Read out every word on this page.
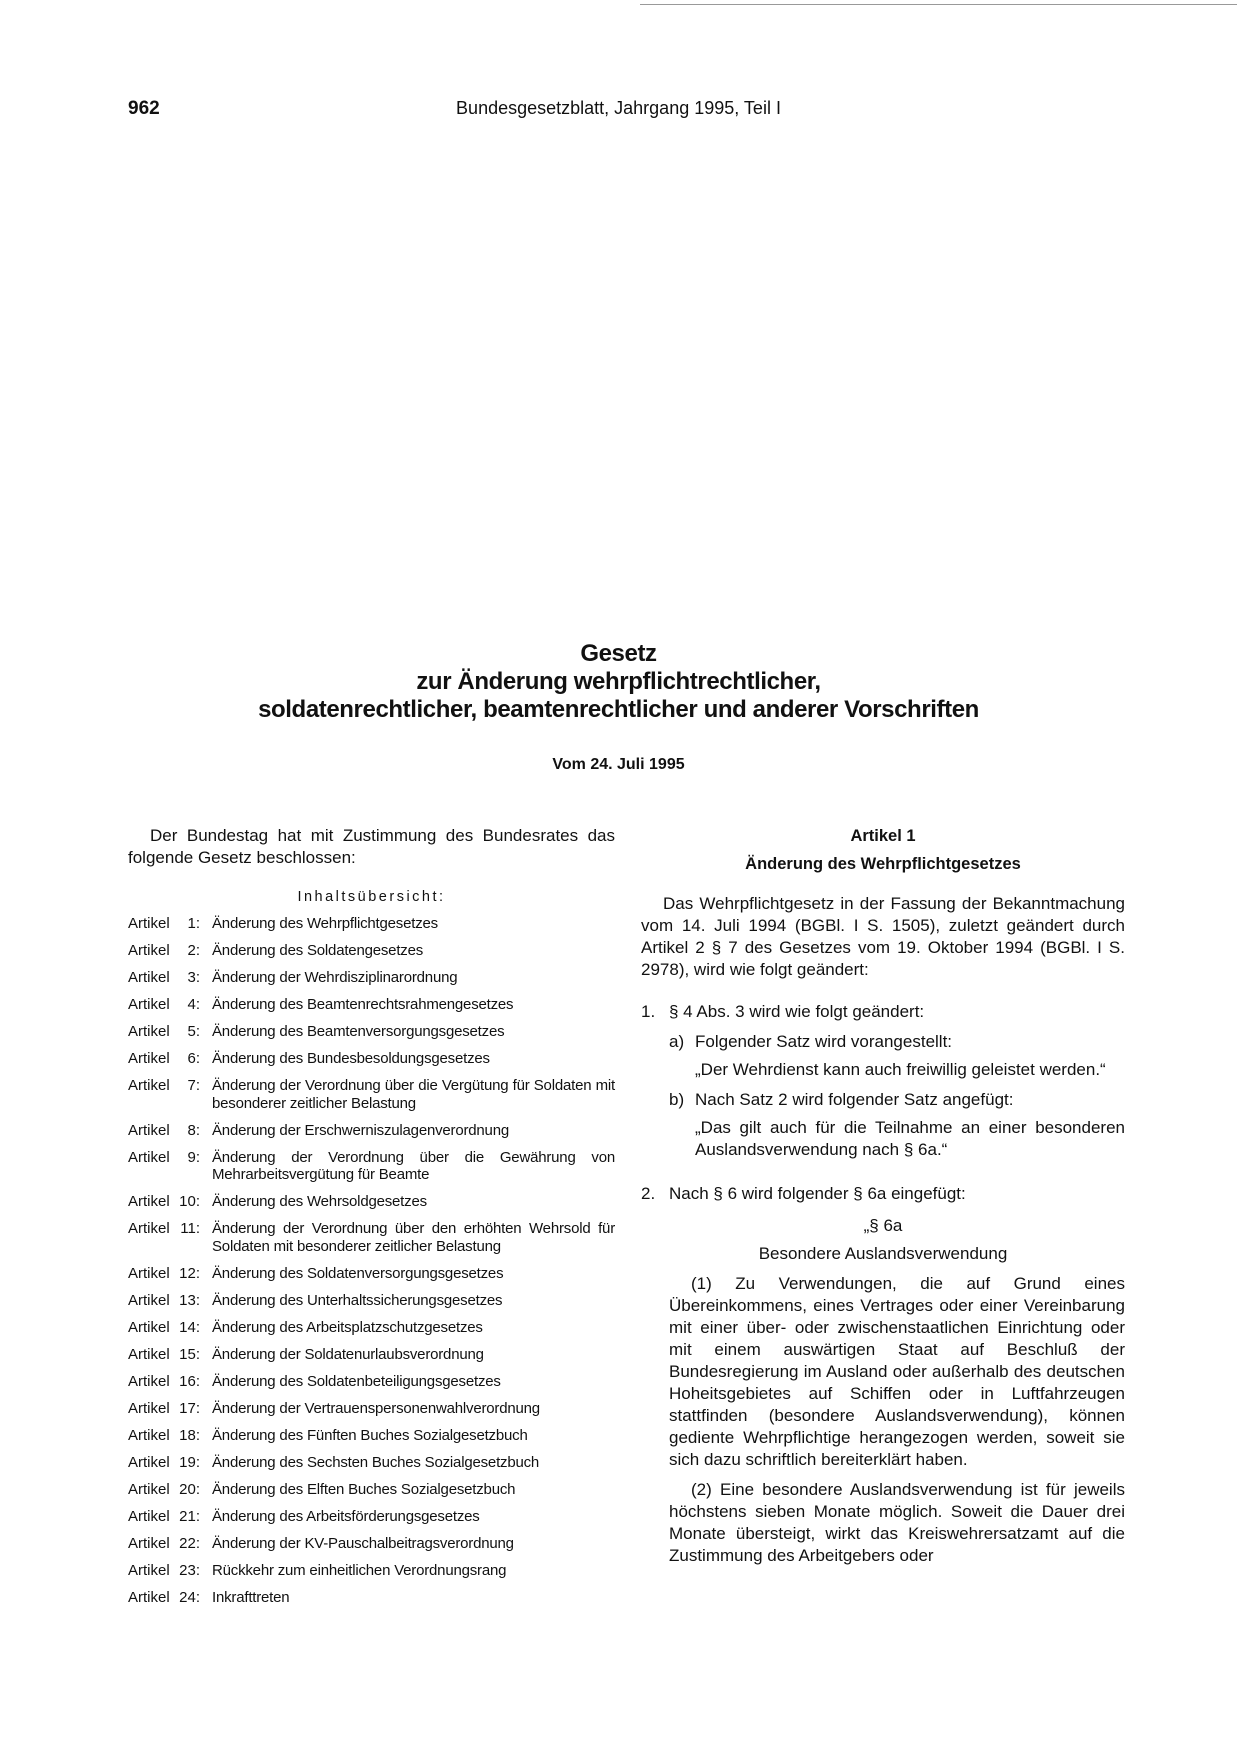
962	Bundesgesetzblatt, Jahrgang 1995, Teil I
Gesetz
zur Änderung wehrpflichtrechtlicher,
soldatenrechtlicher, beamtenrechtlicher und anderer Vorschriften
Vom 24. Juli 1995

Der Bundestag hat mit Zustimmung des Bundesrates das folgende Gesetz beschlossen:

Inhaltsübersicht:
Artikel	1: Änderung des Wehrpflichtgesetzes
Artikel	2: Änderung des Soldatengesetzes
Artikel	3: Änderung der Wehrdisziplinarordnung
Artikel	4: Änderung des Beamtenrechtsrahmengesetzes
Artikel	5: Änderung des Beamtenversorgungsgesetzes
Artikel	6: Änderung des Bundesbesoldungsgesetzes
Artikel	7: Änderung der Verordnung über die Vergütung für Soldaten mit besonderer zeitlicher Belastung
Artikel	8: Änderung der Erschwerniszulagenverordnung
Artikel	9: Änderung der Verordnung über die Gewährung von Mehrarbeitsvergütung für Beamte
Artikel 10: Änderung des Wehrsoldgesetzes
Artikel 11: Änderung der Verordnung über den erhöhten Wehrsold für Soldaten mit besonderer zeitlicher Belastung
Artikel 12: Änderung des Soldatenversorgungsgesetzes
Artikel 13: Änderung des Unterhaltssicherungsgesetzes
Artikel 14: Änderung des Arbeitsplatzschutzgesetzes
Artikel 15: Änderung der Soldatenurlaubsverordnung
Artikel 16: Änderung des Soldatenbeteiligungsgesetzes
Artikel 17: Änderung der Vertrauenspersonenwahlverordnung
Artikel 18: Änderung des Fünften Buches Sozialgesetzbuch
Artikel 19: Änderung des Sechsten Buches Sozialgesetzbuch
Artikel 20: Änderung des Elften Buches Sozialgesetzbuch
Artikel 21: Änderung des Arbeitsförderungsgesetzes
Artikel 22: Änderung der KV-Pauschalbeitragsverordnung
Artikel 23: Rückkehr zum einheitlichen Verordnungsrang
Artikel 24: Inkrafttreten
Artikel 1
Änderung des Wehrpflichtgesetzes

Das Wehrpflichtgesetz in der Fassung der Bekanntmachung vom 14. Juli 1994 (BGBl. I S. 1505), zuletzt geändert durch Artikel 2 § 7 des Gesetzes vom 19. Oktober 1994 (BGBl. I S. 2978), wird wie folgt geändert:

1. § 4 Abs. 3 wird wie folgt geändert:
a) Folgender Satz wird vorangestellt:
„Der Wehrdienst kann auch freiwillig geleistet werden.“
b) Nach Satz 2 wird folgender Satz angefügt:
„Das gilt auch für die Teilnahme an einer besonderen Auslandsverwendung nach § 6a.“
2. Nach § 6 wird folgender § 6a eingefügt:
„§ 6a
Besondere Auslandsverwendung
(1) Zu Verwendungen, die auf Grund eines Übereinkommens, eines Vertrages oder einer Vereinbarung mit einer über- oder zwischenstaatlichen Einrichtung oder mit einem auswärtigen Staat auf Beschluß der Bundesregierung im Ausland oder außerhalb des deutschen Hoheitsgebietes auf Schiffen oder in Luftfahrzeugen stattfinden (besondere Auslandsverwendung), können gediente Wehrpflichtige herangezogen werden, soweit sie sich dazu schriftlich bereiterklärt haben.
(2) Eine besondere Auslandsverwendung ist für jeweils höchstens sieben Monate möglich. Soweit die Dauer drei Monate übersteigt, wirkt das Kreiswehrersatzamt auf die Zustimmung des Arbeitgebers oder
